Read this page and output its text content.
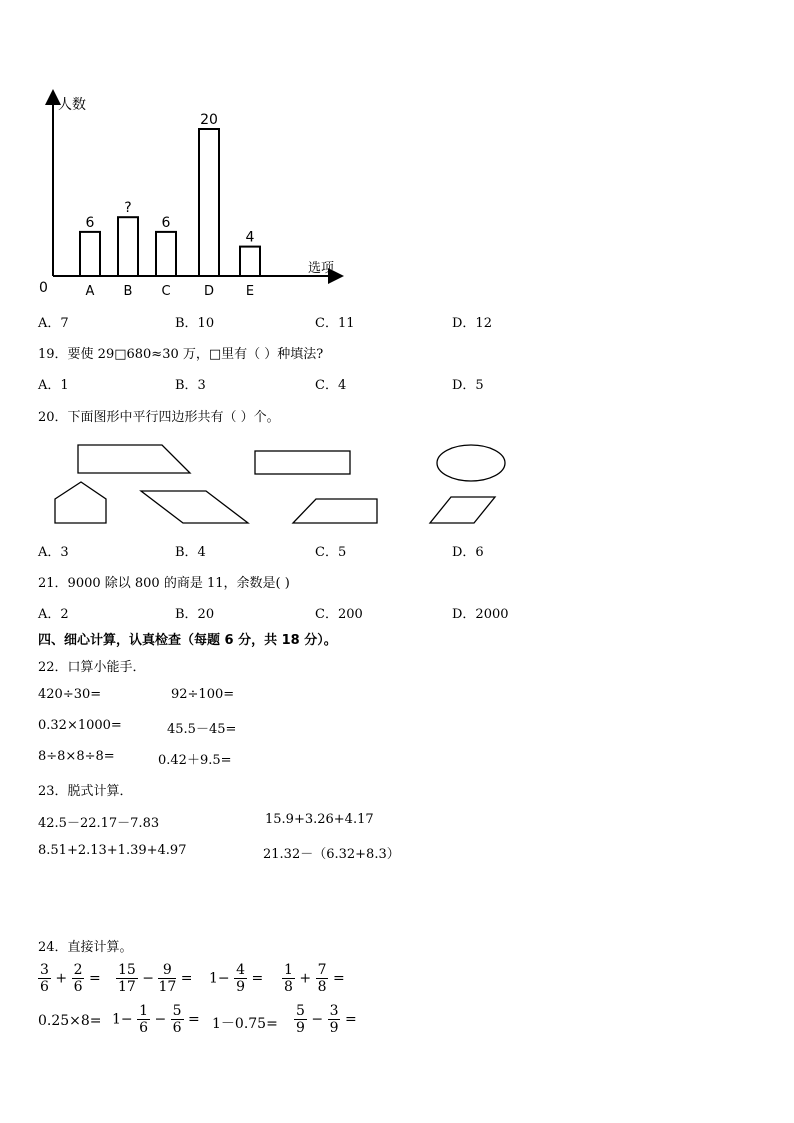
人数
选项
0
6
A
?
B
6
C
20
D
4
E
A．7	B．10	C．11	D．12
19．要使 29□680≈30 万，□里有（ ）种填法?
A．1	B．3	C．4	D．5
20．下面图形中平行四边形共有（ ）个。
A．3	B．4	C．5	D．6
21．9000 除以 800 的商是 11，余数是( )
A．2	B．20	C．200	D．2000
四、细心计算，认真检查（每题 6 分，共 18 分）。
22．口算小能手．
420÷30=	92÷100=
0.32×1000=	45.5－45=
8÷8×8÷8=	0.42＋9.5=
23．脱式计算．
42.5－22.17－7.83	15.9+3.26+4.17
8.51+2.13+1.39+4.97	21.32－（6.32+8.3）
24．直接计算。
$\frac{3}{6} + \frac{2}{6} = \frac{15}{17} - \frac{9}{17} = 1- \frac{4}{9} = \frac{1}{8} + \frac{7}{8}$ =
$0.25\times 8= 1- \frac{1}{6} - \frac{5}{6} = 1-0.75= \frac{5}{9} - \frac{3}{9}$ =
